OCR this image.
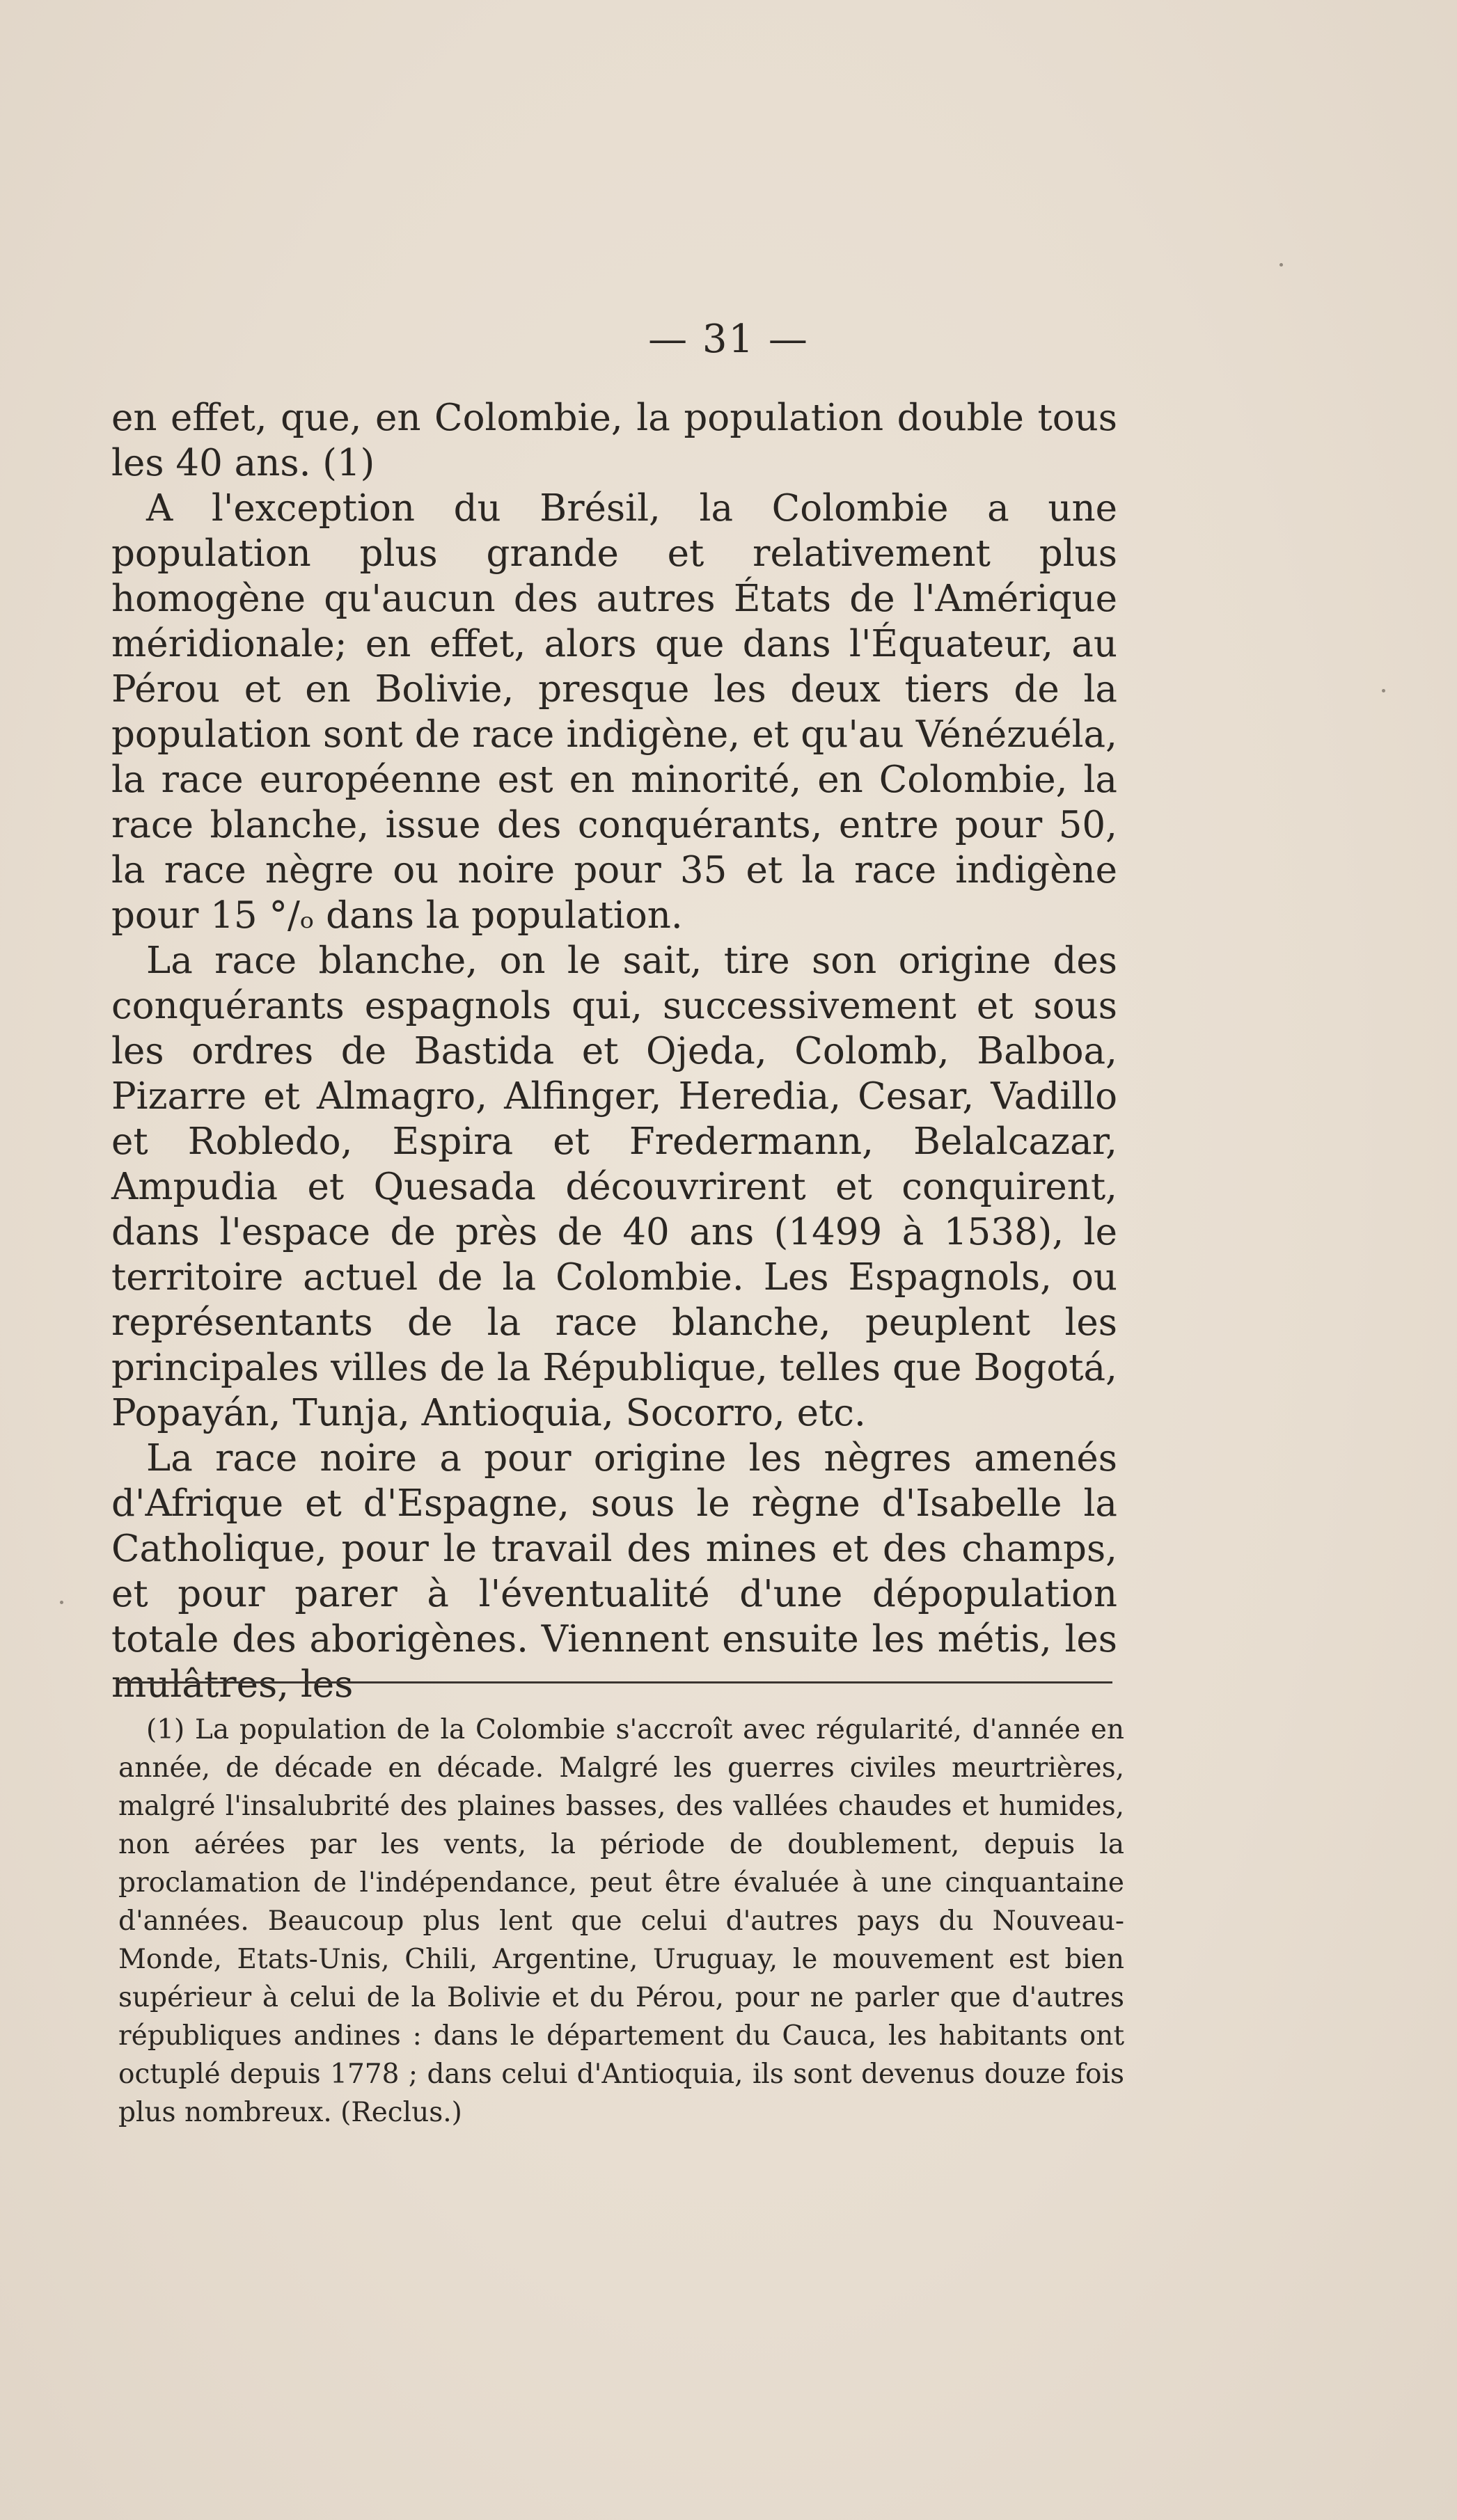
— 31 —

en effet, que, en Colombie, la population double tous les 40 ans. (1)

A l'exception du Brésil, la Colombie a une population plus grande et relativement plus homogène qu'aucun des autres États de l'Amérique méridionale; en effet, alors que dans l'Équateur, au Pérou et en Bolivie, presque les deux tiers de la population sont de race indigène, et qu'au Vénézuéla, la race européenne est en minorité, en Colombie, la race blanche, issue des conquérants, entre pour 50, la race nègre ou noire pour 35 et la race indigène pour 15 °/ₒ dans la population.

La race blanche, on le sait, tire son origine des conquérants espagnols qui, successivement et sous les ordres de Bastida et Ojeda, Colomb, Balboa, Pizarre et Almagro, Alfinger, Heredia, Cesar, Vadillo et Robledo, Espira et Fredermann, Belalcazar, Ampudia et Quesada découvrirent et conquirent, dans l'espace de près de 40 ans (1499 à 1538), le territoire actuel de la Colombie. Les Espagnols, ou représentants de la race blanche, peuplent les principales villes de la République, telles que Bogotá, Popayán, Tunja, Antioquia, Socorro, etc.

La race noire a pour origine les nègres amenés d'Afrique et d'Espagne, sous le règne d'Isabelle la Catholique, pour le travail des mines et des champs, et pour parer à l'éventualité d'une dépopulation totale des aborigènes. Viennent ensuite les métis, les mulâtres, les

(1) La population de la Colombie s'accroît avec régularité, d'année en année, de décade en décade. Malgré les guerres civiles meurtrières, malgré l'insalubrité des plaines basses, des vallées chaudes et humides, non aérées par les vents, la période de doublement, depuis la proclamation de l'indépendance, peut être évaluée à une cinquantaine d'années. Beaucoup plus lent que celui d'autres pays du Nouveau-Monde, Etats-Unis, Chili, Argentine, Uruguay, le mouvement est bien supérieur à celui de la Bolivie et du Pérou, pour ne parler que d'autres républiques andines : dans le département du Cauca, les habitants ont octuplé depuis 1778 ; dans celui d'Antioquia, ils sont devenus douze fois plus nombreux. (Reclus.)
